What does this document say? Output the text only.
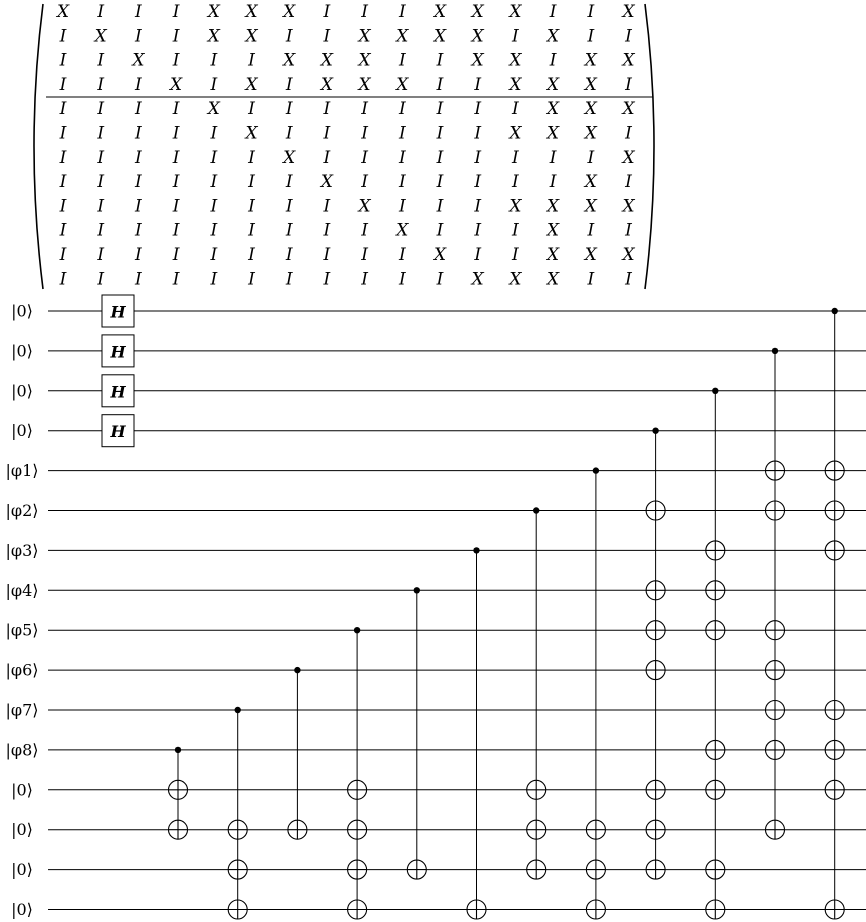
X I I I X X X I I I X X X I I X
I X I I X X I I X X X X I X I I
I I X I I I X X X I I X X I X X
I I I X I X I X X X I I X X X I
I I I I X I I I I I I I I X X X
I I I I I X I I I I I I X X X I
I I I I I I X I I I I I I I I X
I I I I I I I X I I I I I I X I
I I I I I I I I X I I I X X X X
I I I I I I I I I X I I I X I I
I I I I I I I I I I X I I X X X
I I I I I I I I I I I X X X I I
|0⟩
|0⟩
|0⟩
|0⟩
|φ1⟩
|φ2⟩
|φ3⟩
|φ4⟩
|φ5⟩
|φ6⟩
|φ7⟩
|φ8⟩
|0⟩
|0⟩
|0⟩
|0⟩
H
H
H
H
